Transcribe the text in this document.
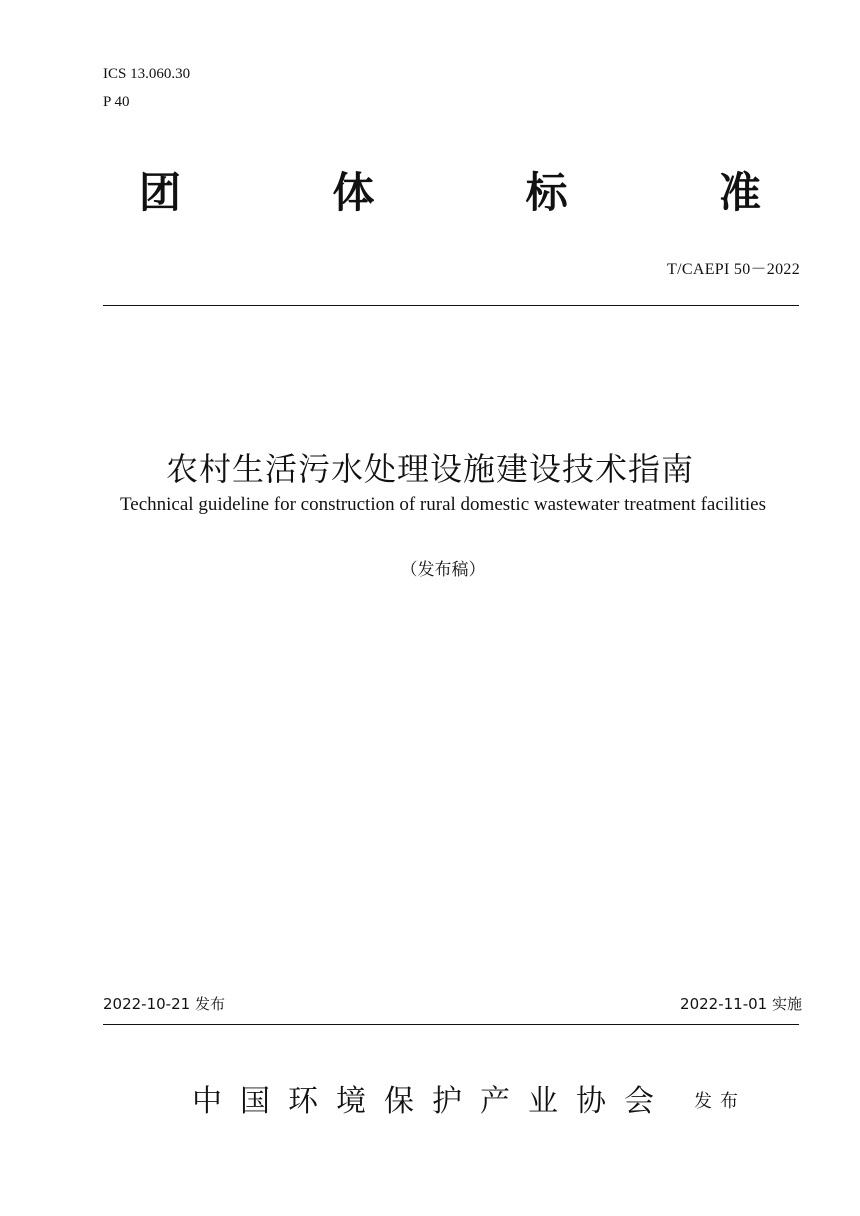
ICS 13.060.30
P 40
团	体	标	准
T/CAEPI 50－2022
农村生活污水处理设施建设技术指南
Technical guideline for construction of rural domestic wastewater treatment facilities
（发布稿）
2022-10-21 发布	2022-11-01 实施
中国环境保护产业协会 发布
